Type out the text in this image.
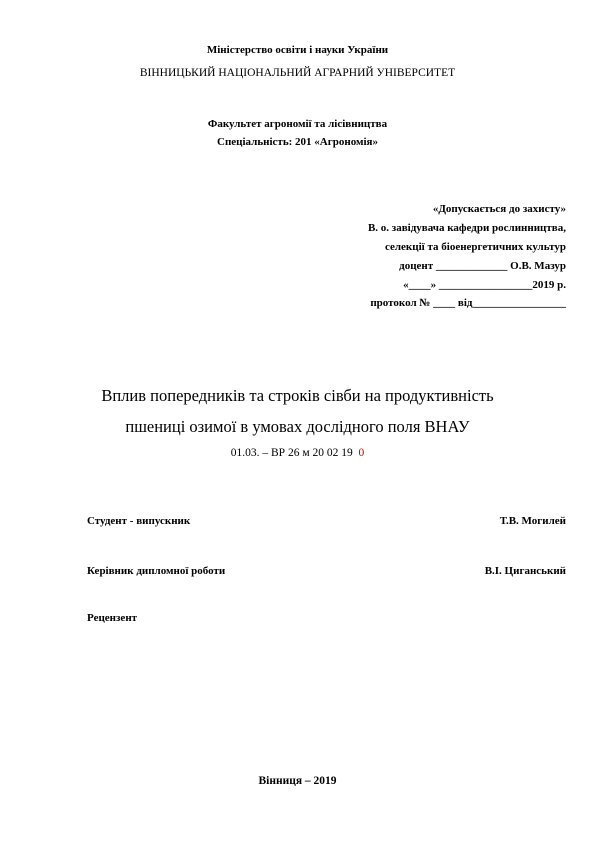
Міністерство освіти і науки України
ВІННИЦЬКИЙ НАЦІОНАЛЬНИЙ АГРАРНИЙ УНІВЕРСИТЕТ
Факультет агрономії та лісівництва
Спеціальність: 201 «Агрономія»
«Допускається до захисту»
В. о. завідувача кафедри рослинництва,
селекції та біоенергетичних культур
доцент _____________ О.В. Мазур
«____» _________________2019 р.
протокол № ____ від_________________
Вплив попередників та строків сівби на продуктивність
пшениці озимої в умовах дослідного поля ВНАУ
01.03. – ВР 26 м 20 02 19 0
Студент - випускник	Т.В. Могилей
Керівник дипломної роботи	В.І. Циганський
Рецензент
Вінниця – 2019
